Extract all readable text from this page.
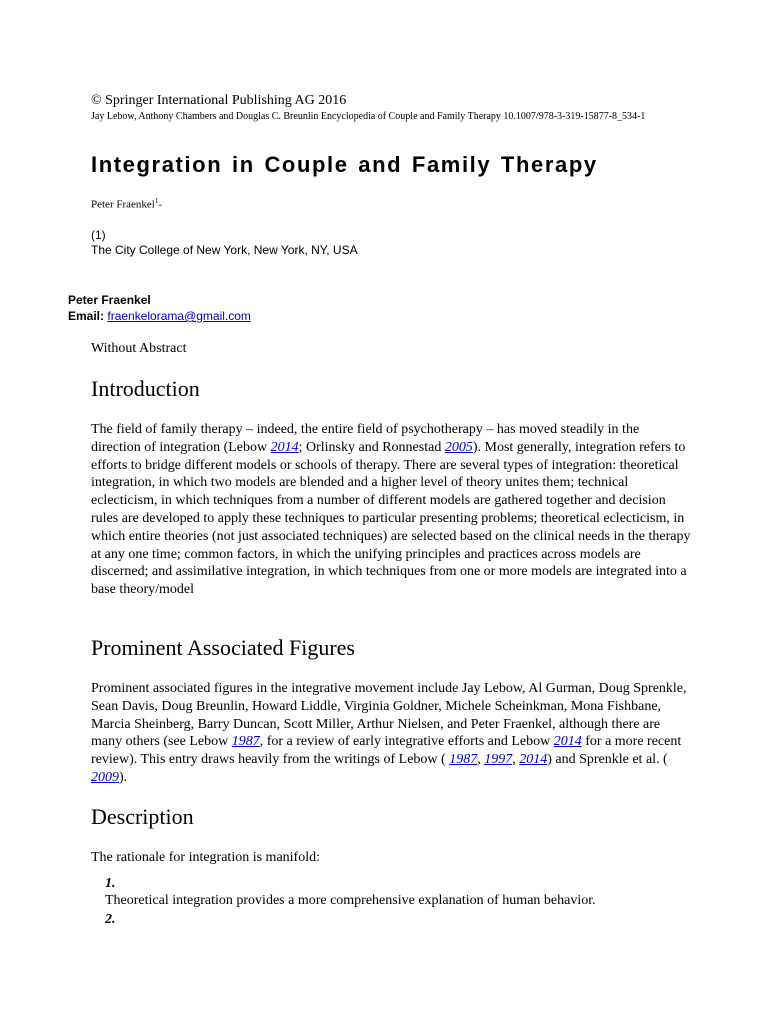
© Springer International Publishing AG 2016
Jay Lebow, Anthony Chambers and Douglas C. Breunlin Encyclopedia of Couple and Family Therapy 10.1007/978-3-319-15877-8_534-1
Integration in Couple and Family Therapy
Peter Fraenkel$^1$-
(1)
The City College of New York, New York, NY, USA
Peter Fraenkel
Email: fraenkelorama@gmail.com
Without Abstract
Introduction

The field of family therapy – indeed, the entire field of psychotherapy – has moved steadily in the direction of integration (Lebow 2014; Orlinsky and Ronnestad 2005). Most generally, integration refers to efforts to bridge different models or schools of therapy. There are several types of integration: theoretical integration, in which two models are blended and a higher level of theory unites them; technical eclecticism, in which techniques from a number of different models are gathered together and decision rules are developed to apply these techniques to particular presenting problems; theoretical eclecticism, in which entire theories (not just associated techniques) are selected based on the clinical needs in the therapy at any one time; common factors, in which the unifying principles and practices across models are discerned; and assimilative integration, in which techniques from one or more models are integrated into a base theory/model

Prominent Associated Figures

Prominent associated figures in the integrative movement include Jay Lebow, Al Gurman, Doug Sprenkle, Sean Davis, Doug Breunlin, Howard Liddle, Virginia Goldner, Michele Scheinkman, Mona Fishbane, Marcia Sheinberg, Barry Duncan, Scott Miller, Arthur Nielsen, and Peter Fraenkel, although there are many others (see Lebow 1987, for a review of early integrative efforts and Lebow 2014 for a more recent review). This entry draws heavily from the writings of Lebow ( 1987, 1997, 2014) and Sprenkle et al. ( 2009).

Description

The rationale for integration is manifold:

1.
Theoretical integration provides a more comprehensive explanation of human behavior.
2.
